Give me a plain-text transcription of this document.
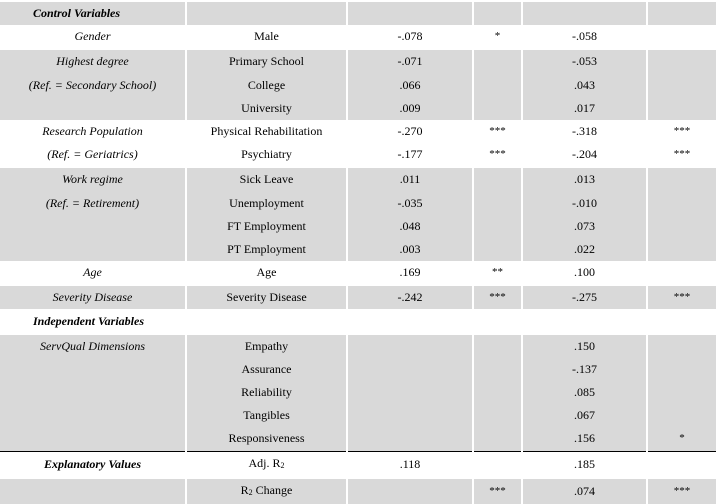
Control Variables					
Gender	Male	-.078	*	-.058	
Highest degree	Primary School	-.071		-.053	
(Ref. = Secondary School)	College	.066		.043	
	University	.009		.017	
Research Population	Physical Rehabilitation	-.270	***	-.318	***
(Ref. = Geriatrics)	Psychiatry	-.177	***	-.204	***
Work regime	Sick Leave	.011		.013	
(Ref. = Retirement)	Unemployment	-.035		-.010	
	FT Employment	.048		.073	
	PT Employment	.003		.022	
Age	Age	.169	**	.100	
Severity Disease	Severity Disease	-.242	***	-.275	***
Independent Variables					
ServQual Dimensions	Empathy			.150	
	Assurance			-.137	
	Reliability			.085	
	Tangibles			.067	
	Responsiveness			.156	*
Explanatory Values	Adj. $R_2$	.118		.185	
	$R_2$ Change		***	.074	***
